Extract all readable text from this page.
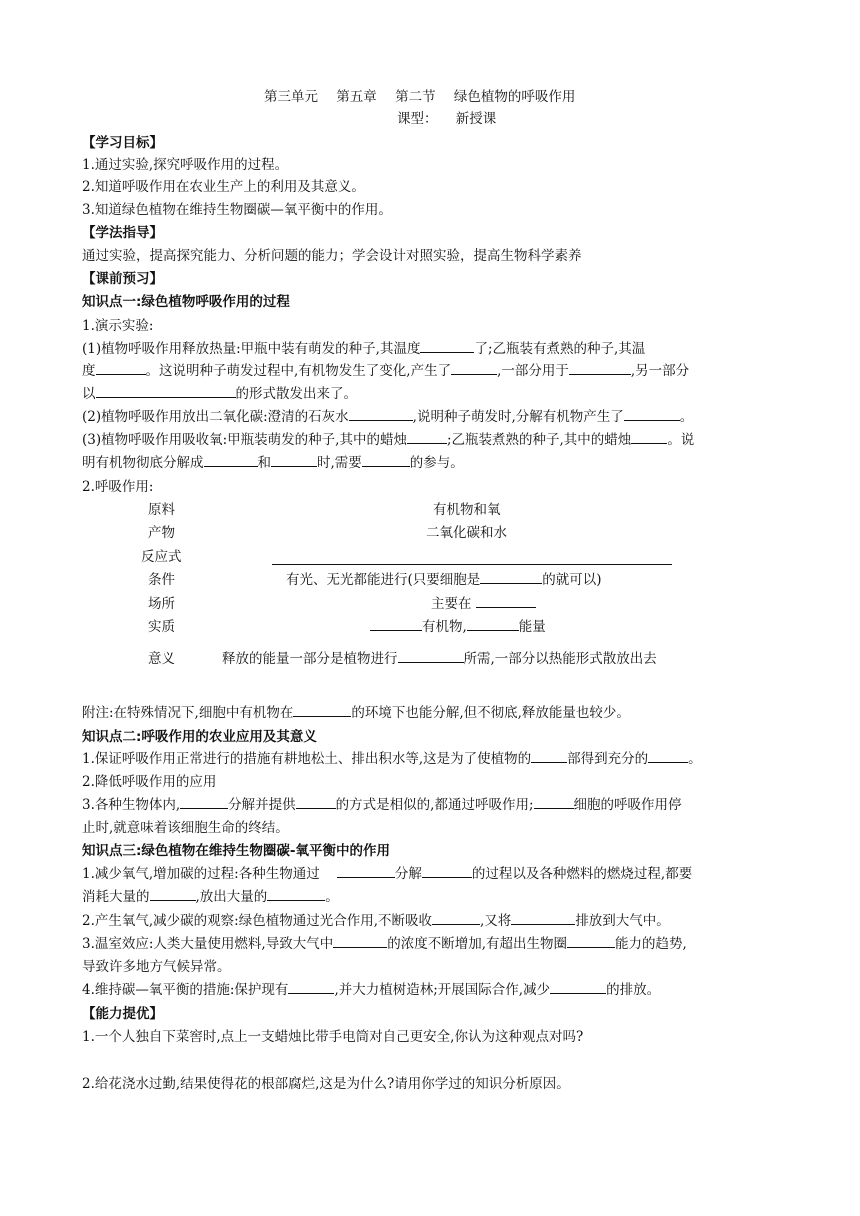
第三单元 第五章 第二节 绿色植物的呼吸作用
课型： 新授课
【学习目标】
1.通过实验,探究呼吸作用的过程。
2.知道呼吸作用在农业生产上的利用及其意义。
3.知道绿色植物在维持生物圈碳—氧平衡中的作用。
【学法指导】
通过实验，提高探究能力、分析问题的能力；学会设计对照实验，提高生物科学素养
【课前预习】
知识点一:绿色植物呼吸作用的过程
1.演示实验:
(1)植物呼吸作用释放热量:甲瓶中装有萌发的种子,其温度	了;乙瓶装有煮熟的种子,其温
度	。这说明种子萌发过程中,有机物发生了变化,产生了	,一部分用于	,另一部分
以	的形式散发出来了。
(2)植物呼吸作用放出二氧化碳:澄清的石灰水	,说明种子萌发时,分解有机物产生了	。
(3)植物呼吸作用吸收氧:甲瓶装萌发的种子,其中的蜡烛	;乙瓶装煮熟的种子,其中的蜡烛	。说
明有机物彻底分解成	和	时,需要	的参与。
2.呼吸作用:
原料	有机物和氧
产物	二氧化碳和水
反应式
条件	有光、无光都能进行(只要细胞是	的就可以)
场所	主要在
实质	有机物,	能量
意义	释放的能量一部分是植物进行	所需,一部分以热能形式散放出去
附注:在特殊情况下,细胞中有机物在	的环境下也能分解,但不彻底,释放能量也较少。
知识点二:呼吸作用的农业应用及其意义
1.保证呼吸作用正常进行的措施有耕地松土、排出积水等,这是为了使植物的	部得到充分的	。
2.降低呼吸作用的应用
3.各种生物体内,	分解并提供	的方式是相似的,都通过呼吸作用;	细胞的呼吸作用停
止时,就意味着该细胞生命的终结。
知识点三:绿色植物在维持生物圈碳-氧平衡中的作用
1.减少氧气,增加碳的过程:各种生物通过	分解	的过程以及各种燃料的燃烧过程,都要
消耗大量的	,放出大量的	。
2.产生氧气,减少碳的观察:绿色植物通过光合作用,不断吸收	,又将	排放到大气中。
3.温室效应:人类大量使用燃料,导致大气中	的浓度不断增加,有超出生物圈	能力的趋势,
导致许多地方气候异常。
4.维持碳—氧平衡的措施:保护现有	,并大力植树造林;开展国际合作,减少	的排放。
【能力提优】
1.一个人独自下菜窖时,点上一支蜡烛比带手电筒对自己更安全,你认为这种观点对吗?
2.给花浇水过勤,结果使得花的根部腐烂,这是为什么?请用你学过的知识分析原因。
